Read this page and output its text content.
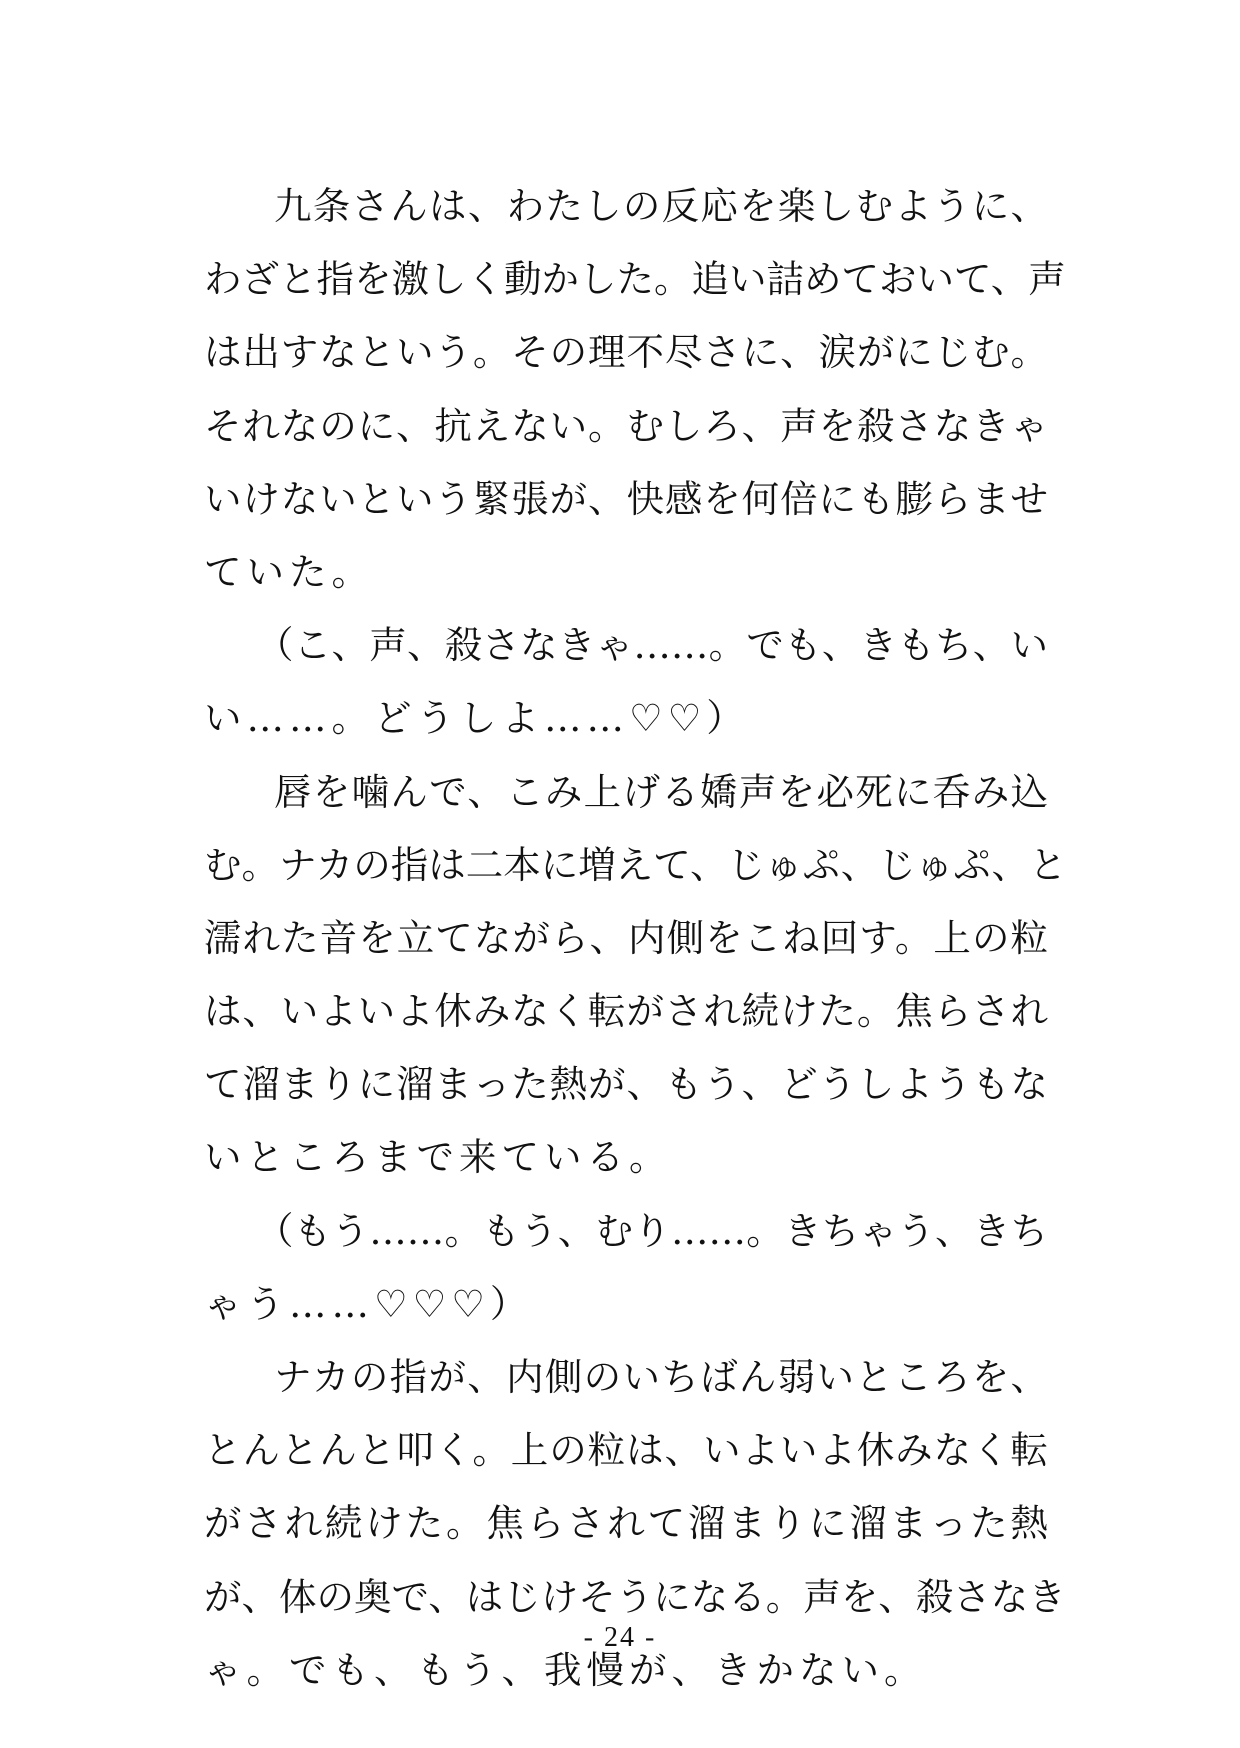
九条さんは、わたしの反応を楽しむように、
わざと指を激しく動かした。追い詰めておいて、声
は出すなという。その理不尽さに、涙がにじむ。
それなのに、抗えない。むしろ、声を殺さなきゃ
いけないという緊張が、快感を何倍にも膨らませ
ていた。
（こ、声、殺さなきゃ……。でも、きもち、い
い……。どうしよ……♡♡）
唇を噛んで、こみ上げる嬌声を必死に呑み込
む。ナカの指は二本に増えて、じゅぷ、じゅぷ、と
濡れた音を立てながら、内側をこね回す。上の粒
は、いよいよ休みなく転がされ続けた。焦らされ
て溜まりに溜まった熱が、もう、どうしようもな
いところまで来ている。
（もう……。もう、むり……。きちゃう、きち
ゃう……♡♡♡）
ナカの指が、内側のいちばん弱いところを、
とんとんと叩く。上の粒は、いよいよ休みなく転
がされ続けた。焦らされて溜まりに溜まった熱
が、体の奥で、はじけそうになる。声を、殺さなき
ゃ。でも、もう、我慢が、きかない。
- 24 -
